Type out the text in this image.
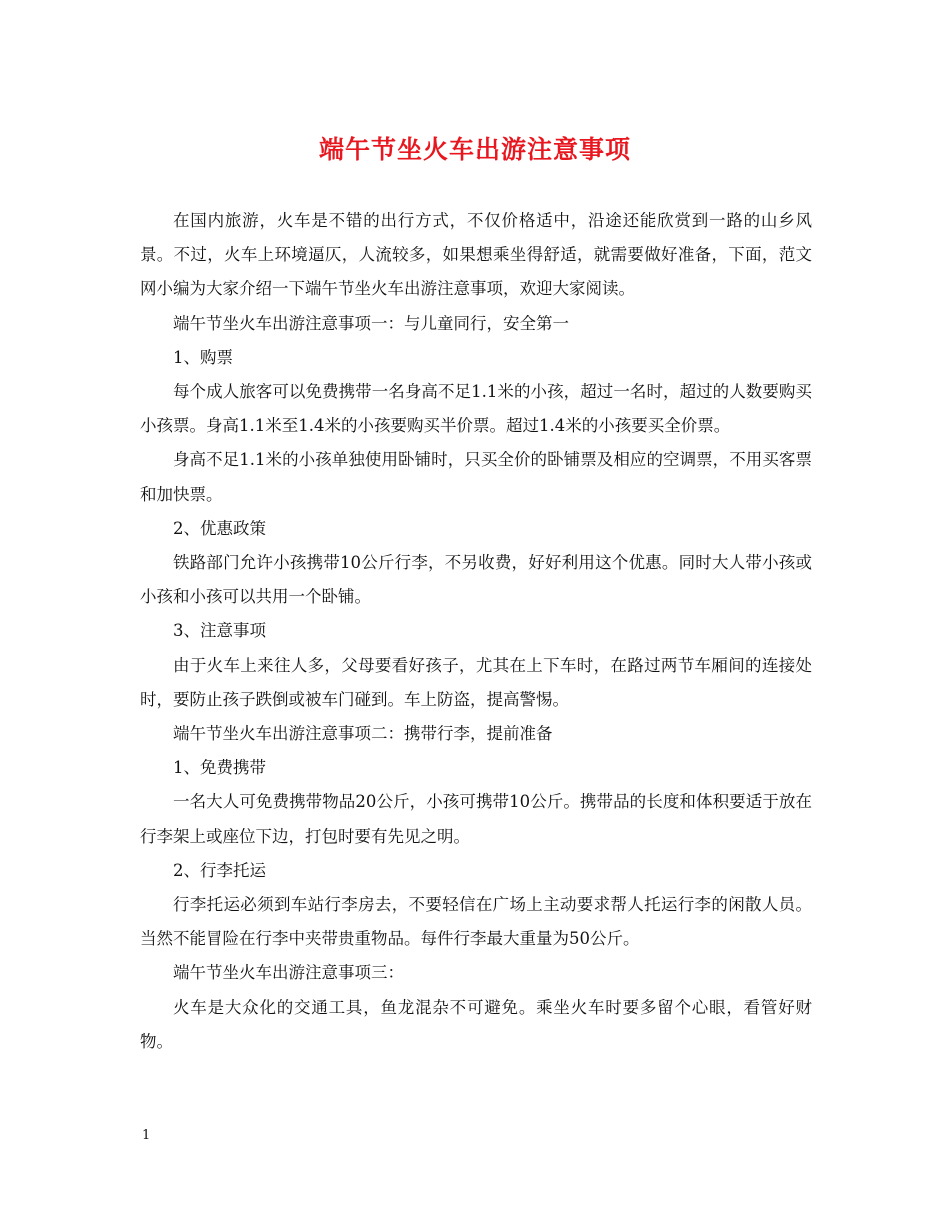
端午节坐火车出游注意事项

在国内旅游，火车是不错的出行方式，不仅价格适中，沿途还能欣赏到一路的山乡风景。不过，火车上环境逼仄，人流较多，如果想乘坐得舒适，就需要做好准备，下面，范文网小编为大家介绍一下端午节坐火车出游注意事项，欢迎大家阅读。

端午节坐火车出游注意事项一：与儿童同行，安全第一

1、购票

每个成人旅客可以免费携带一名身高不足1.1米的小孩，超过一名时，超过的人数要购买小孩票。身高1.1米至1.4米的小孩要购买半价票。超过1.4米的小孩要买全价票。

身高不足1.1米的小孩单独使用卧铺时，只买全价的卧铺票及相应的空调票，不用买客票和加快票。

2、优惠政策

铁路部门允许小孩携带10公斤行李，不另收费，好好利用这个优惠。同时大人带小孩或小孩和小孩可以共用一个卧铺。

3、注意事项

由于火车上来往人多，父母要看好孩子，尤其在上下车时，在路过两节车厢间的连接处时，要防止孩子跌倒或被车门碰到。车上防盗，提高警惕。

端午节坐火车出游注意事项二：携带行李，提前准备

1、免费携带

一名大人可免费携带物品20公斤，小孩可携带10公斤。携带品的长度和体积要适于放在行李架上或座位下边，打包时要有先见之明。

2、行李托运

行李托运必须到车站行李房去，不要轻信在广场上主动要求帮人托运行李的闲散人员。当然不能冒险在行李中夹带贵重物品。每件行李最大重量为50公斤。

端午节坐火车出游注意事项三：

火车是大众化的交通工具，鱼龙混杂不可避免。乘坐火车时要多留个心眼，看管好财物。

1
